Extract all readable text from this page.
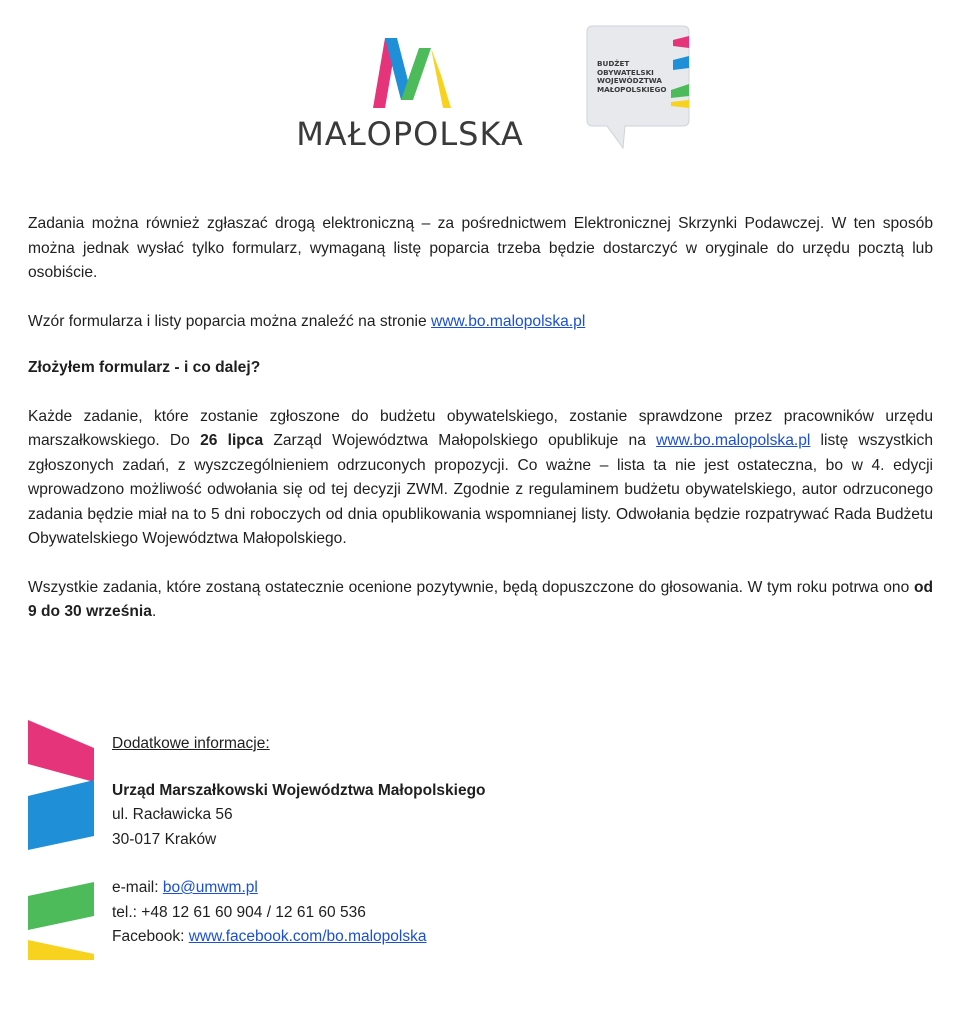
MAŁOPOLSKA
BUDŻET
OBYWATELSKI
WOJEWÓDZTWA
MAŁOPOLSKIEGO

Zadania można również zgłaszać drogą elektroniczną – za pośrednictwem Elektronicznej Skrzynki Podawczej. W ten sposób można jednak wysłać tylko formularz, wymaganą listę poparcia trzeba będzie dostarczyć w oryginale do urzędu pocztą lub osobiście.

Wzór formularza i listy poparcia można znaleźć na stronie www.bo.malopolska.pl

Złożyłem formularz - i co dalej?

Każde zadanie, które zostanie zgłoszone do budżetu obywatelskiego, zostanie sprawdzone przez pracowników urzędu marszałkowskiego. Do 26 lipca Zarząd Województwa Małopolskiego opublikuje na www.bo.malopolska.pl listę wszystkich zgłoszonych zadań, z wyszczególnieniem odrzuconych propozycji. Co ważne – lista ta nie jest ostateczna, bo w 4. edycji wprowadzono możliwość odwołania się od tej decyzji ZWM. Zgodnie z regulaminem budżetu obywatelskiego, autor odrzuconego zadania będzie miał na to 5 dni roboczych od dnia opublikowania wspomnianej listy. Odwołania będzie rozpatrywać Rada Budżetu Obywatelskiego Województwa Małopolskiego.

Wszystkie zadania, które zostaną ostatecznie ocenione pozytywnie, będą dopuszczone do głosowania. W tym roku potrwa ono od 9 do 30 września.

Dodatkowe informacje:
Urząd Marszałkowski Województwa Małopolskiego
ul. Racławicka 56
30-017 Kraków
e-mail: bo@umwm.pl
tel.: +48 12 61 60 904 / 12 61 60 536
Facebook: www.facebook.com/bo.malopolska
